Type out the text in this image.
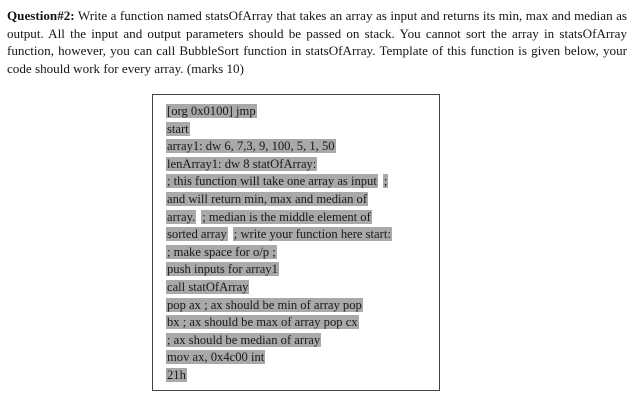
Question#2: Write a function named statsOfArray that takes an array as input and returns its min, max and median as output. All the input and output parameters should be passed on stack. You cannot sort the array in statsOfArray function, however, you can call BubbleSort function in statsOfArray. Template of this function is given below, your code should work for every array. (marks 10)

[org 0x0100] jmp
start
array1: dw 6, 7,3, 9, 100, 5, 1, 50
lenArray1: dw 8 statOfArray:
; this function will take one array as input ;
and will return min, max and median of
array. ; median is the middle element of
sorted array ; write your function here start:
; make space for o/p ;
push inputs for array1
call statOfArray
pop ax ; ax should be min of array pop
bx ; ax should be max of array pop cx
; ax should be median of array
mov ax, 0x4c00 int
21h
